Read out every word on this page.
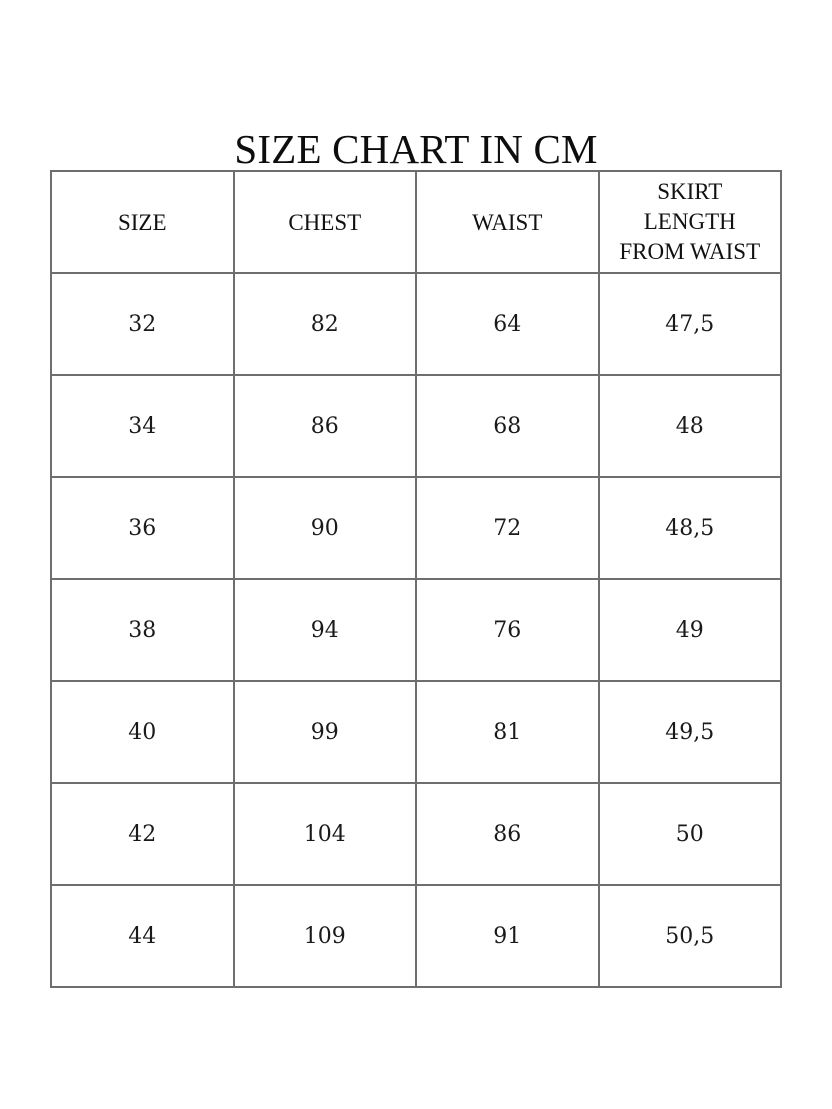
SIZE CHART IN CM
SIZE	CHEST	WAIST	SKIRT
LENGTH
FROM WAIST
32	82	64	47,5
34	86	68	48
36	90	72	48,5
38	94	76	49
40	99	81	49,5
42	104	86	50
44	109	91	50,5
